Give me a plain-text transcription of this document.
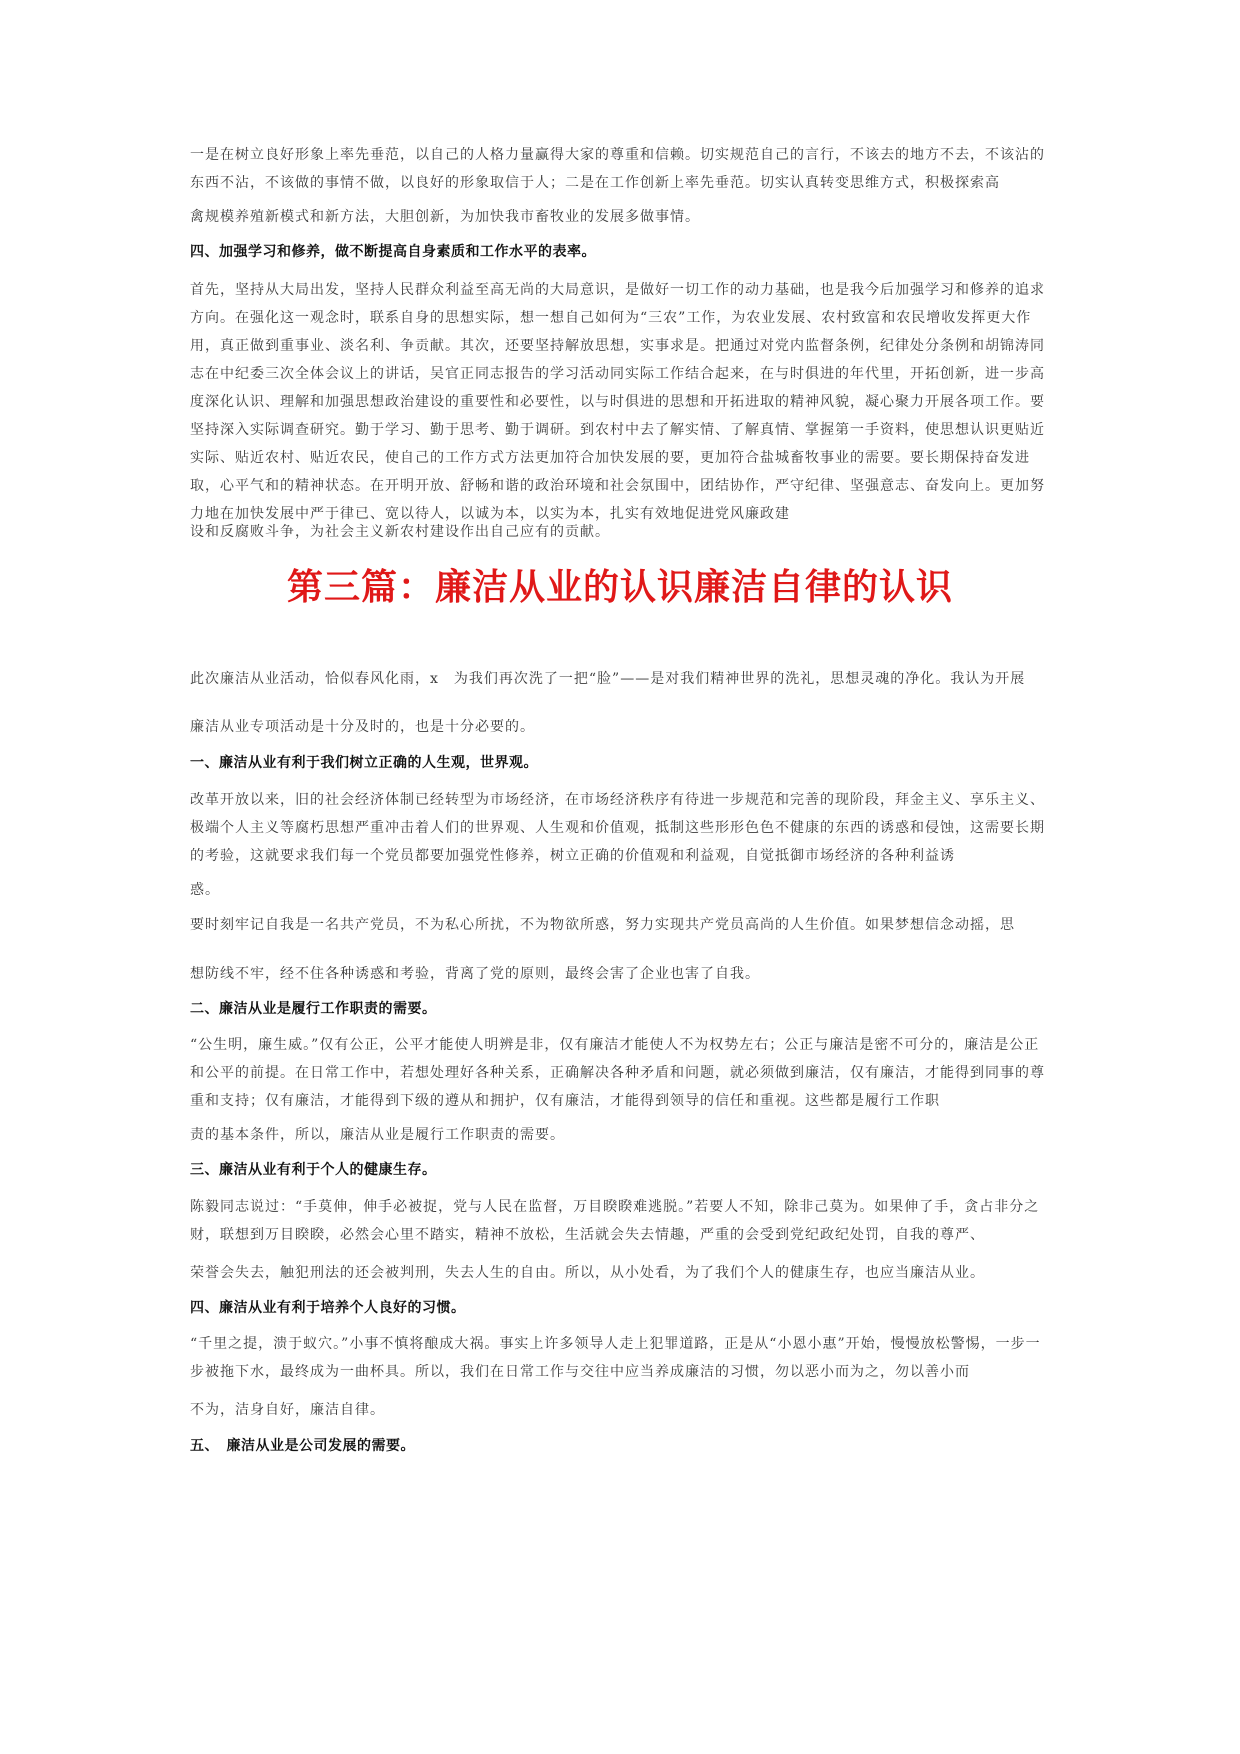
一是在树立良好形象上率先垂范，以自己的人格力量赢得大家的尊重和信赖。切实规范自己的言行，不该去的地方不去，不该沾的东西不沾，不该做的事情不做，以良好的形象取信于人；二是在工作创新上率先垂范。切实认真转变思维方式，积极探索高

禽规模养殖新模式和新方法，大胆创新，为加快我市畜牧业的发展多做事情。

四、加强学习和修养，做不断提高自身素质和工作水平的表率。

首先，坚持从大局出发，坚持人民群众利益至高无尚的大局意识，是做好一切工作的动力基础，也是我今后加强学习和修养的追求方向。在强化这一观念时，联系自身的思想实际，想一想自己如何为“三农”工作，为农业发展、农村致富和农民增收发挥更大作用，真正做到重事业、淡名利、争贡献。其次，还要坚持解放思想，实事求是。把通过对党内监督条例，纪律处分条例和胡锦涛同志在中纪委三次全体会议上的讲话，吴官正同志报告的学习活动同实际工作结合起来，在与时俱进的年代里，开拓创新，进一步高度深化认识、理解和加强思想政治建设的重要性和必要性，以与时俱进的思想和开拓进取的精神风貌，凝心聚力开展各项工作。要坚持深入实际调查研究。勤于学习、勤于思考、勤于调研。到农村中去了解实情、了解真情、掌握第一手资料，使思想认识更贴近实际、贴近农村、贴近农民，使自己的工作方式方法更加符合加快发展的要，更加符合盐城畜牧事业的需要。要长期保持奋发进取，心平气和的精神状态。在开明开放、舒畅和谐的政治环境和社会氛围中，团结协作，严守纪律、坚强意志、奋发向上。更加努力地在加快发展中严于律已、宽以待人，以诚为本，以实为本，扎实有效地促进党风廉政建

设和反腐败斗争，为社会主义新农村建设作出自己应有的贡献。

第三篇：廉洁从业的认识廉洁自律的认识

此次廉洁从业活动，恰似春风化雨，x　为我们再次洗了一把“脸”——是对我们精神世界的洗礼，思想灵魂的净化。我认为开展

廉洁从业专项活动是十分及时的，也是十分必要的。

一、廉洁从业有利于我们树立正确的人生观，世界观。

改革开放以来，旧的社会经济体制已经转型为市场经济，在市场经济秩序有待进一步规范和完善的现阶段，拜金主义、享乐主义、极端个人主义等腐朽思想严重冲击着人们的世界观、人生观和价值观，抵制这些形形色色不健康的东西的诱惑和侵蚀，这需要长期的考验，这就要求我们每一个党员都要加强党性修养，树立正确的价值观和利益观，自觉抵御市场经济的各种利益诱

惑。

要时刻牢记自我是一名共产党员，不为私心所扰，不为物欲所惑，努力实现共产党员高尚的人生价值。如果梦想信念动摇，思

想防线不牢，经不住各种诱惑和考验，背离了党的原则，最终会害了企业也害了自我。

二、廉洁从业是履行工作职责的需要。

“公生明，廉生威。”仅有公正，公平才能使人明辨是非，仅有廉洁才能使人不为权势左右；公正与廉洁是密不可分的，廉洁是公正和公平的前提。在日常工作中，若想处理好各种关系，正确解决各种矛盾和问题，就必须做到廉洁，仅有廉洁，才能得到同事的尊重和支持；仅有廉洁，才能得到下级的遵从和拥护，仅有廉洁，才能得到领导的信任和重视。这些都是履行工作职

责的基本条件，所以，廉洁从业是履行工作职责的需要。

三、廉洁从业有利于个人的健康生存。

陈毅同志说过：“手莫伸，伸手必被捉，党与人民在监督，万目睽睽难逃脱。”若要人不知，除非己莫为。如果伸了手，贪占非分之财，联想到万目睽睽，必然会心里不踏实，精神不放松，生活就会失去情趣，严重的会受到党纪政纪处罚，自我的尊严、

荣誉会失去，触犯刑法的还会被判刑，失去人生的自由。所以，从小处看，为了我们个人的健康生存，也应当廉洁从业。

四、廉洁从业有利于培养个人良好的习惯。

“千里之提，溃于蚁穴。”小事不慎将酿成大祸。事实上许多领导人走上犯罪道路，正是从“小恩小惠”开始，慢慢放松警惕，一步一步被拖下水，最终成为一曲杯具。所以，我们在日常工作与交往中应当养成廉洁的习惯，勿以恶小而为之，勿以善小而

不为，洁身自好，廉洁自律。

五、　廉洁从业是公司发展的需要。
